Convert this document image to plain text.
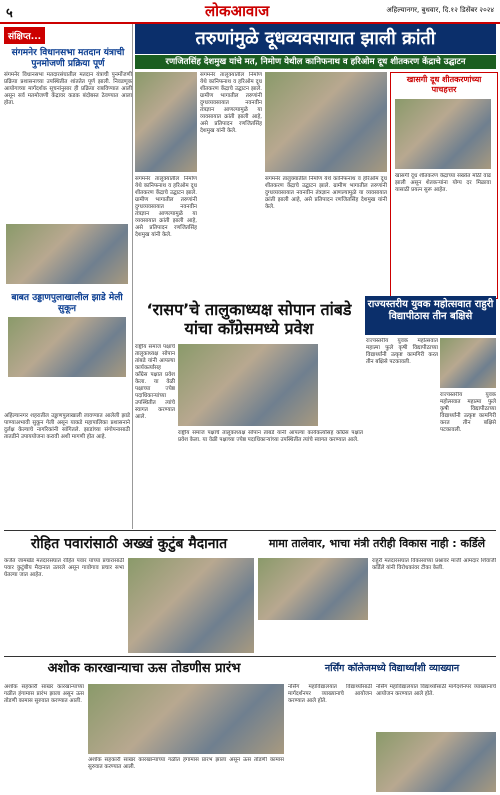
५	लोकआवाज	अहिल्यानगर, बुधवार, दि.१२ डिसेंबर २०२४
संक्षिप्त...
संगमनेर विधानसभा मतदान यंत्राची पुनमोजणी प्रक्रिया पूर्ण
संगमनेर विधानसभा मतदारसंघातील मतदान यंत्राची पुनर्मोजणी प्रक्रिया प्रशासनाच्या उपस्थितीत शांततेत पूर्ण झाली. निवडणूक आयोगाच्या मार्गदर्शक सूचनांनुसार ही प्रक्रिया राबविण्यात आली असून सर्व मतमोजणी केंद्रावर कडक बंदोबस्त ठेवण्यात आला होता.
बाबत उड्डाणपुलाखालील झाडे मेली सुकून
अहिल्यानगर शहरातील उड्डाणपुलाखाली लावण्यात आलेली झाडे पाण्याअभावी सुकून गेली असून याकडे महापालिका प्रशासनाने दुर्लक्ष केल्याचे नागरिकांनी सांगितले. झाडांच्या संगोपनासाठी तातडीने उपाययोजना करावी अशी मागणी होत आहे.
तरुणांमुळे दूधव्यवसायात झाली क्रांती
रणजितसिंह देशमुख यांचे मत, निमोण येथील कानिफनाथ व हरिओम दूध शीतकरण केंद्राचे उद्घाटन
संगमनेर तालुक्यातील निमोण येथे कानिफनाथ व हरिओम दूध शीतकरण केंद्राचे उद्घाटन झाले. ग्रामीण भागातील तरुणांनी दुग्धव्यवसायात नवनवीन तंत्रज्ञान आणल्यामुळे या व्यवसायात क्रांती झाली आहे, असे प्रतिपादन रणजितसिंह देशमुख यांनी केले.
संगमनेर तालुक्यातील निमोण येथे कानिफनाथ व हरिओम दूध शीतकरण केंद्राचे उद्घाटन झाले. ग्रामीण भागातील तरुणांनी दुग्धव्यवसायात नवनवीन तंत्रज्ञान आणल्यामुळे या व्यवसायात क्रांती झाली आहे, असे प्रतिपादन रणजितसिंह देशमुख यांनी केले.
संगमनेर तालुक्यातील निमोण येथे कानिफनाथ व हरिओम दूध शीतकरण केंद्राचे उद्घाटन झाले. ग्रामीण भागातील तरुणांनी दुग्धव्यवसायात नवनवीन तंत्रज्ञान आणल्यामुळे या व्यवसायात क्रांती झाली आहे, असे प्रतिपादन रणजितसिंह देशमुख यांनी केले.
खासगी दूध शीतकरणांच्या पाचहत्तर
खासगी दूध शीतकरण केंद्रांच्या संख्येत मोठी वाढ झाली असून शेतकऱ्यांना योग्य दर मिळावा यासाठी प्रयत्न सुरू आहेत.
‘रासप’चे तालुकाध्यक्ष सोपान तांबडे यांचा काँग्रेसमध्ये प्रवेश
राष्ट्रीय समाज पक्षाचे तालुकाध्यक्ष सोपान तांबडे यांनी आपल्या कार्यकर्त्यांसह काँग्रेस पक्षात प्रवेश केला. या वेळी पक्षाच्या ज्येष्ठ पदाधिकाऱ्यांच्या उपस्थितीत त्यांचे स्वागत करण्यात आले.
राष्ट्रीय समाज पक्षाचे तालुकाध्यक्ष सोपान तांबडे यांनी आपल्या कार्यकर्त्यांसह काँग्रेस पक्षात प्रवेश केला. या वेळी पक्षाच्या ज्येष्ठ पदाधिकाऱ्यांच्या उपस्थितीत त्यांचे स्वागत करण्यात आले.
राज्यस्तरीय युवक महोत्सवात राहुरी विद्यापीठास तीन बक्षिसे
राज्यस्तरीय युवक महोत्सवात महात्मा फुले कृषी विद्यापीठाच्या विद्यार्थ्यांनी उत्कृष्ट कामगिरी करत तीन बक्षिसे पटकावली.
राज्यस्तरीय युवक महोत्सवात महात्मा फुले कृषी विद्यापीठाच्या विद्यार्थ्यांनी उत्कृष्ट कामगिरी करत तीन बक्षिसे पटकावली.
रोहित पवारांसाठी अख्खं कुटुंब मैदानात
कर्जत जामखेड मतदारसंघात रोहित पवार यांच्या प्रचारासाठी पवार कुटुंबीय मैदानात उतरले असून गावोगाव प्रचार सभा घेतल्या जात आहेत.
मामा तालेवार, भाचा मंत्री तरीही विकास नाही : कर्डिले
राहुरी मतदारसंघात विकासाच्या प्रश्नावर माजी आमदार शिवाजी कर्डिले यांनी विरोधकांवर टीका केली.
अशोक कारखान्याचा ऊस तोडणीस प्रारंभ
अशोक सहकारी साखर कारखान्याच्या गळीत हंगामास प्रारंभ झाला असून ऊस तोडणी कामास सुरुवात करण्यात आली.
अशोक सहकारी साखर कारखान्याच्या गळीत हंगामास प्रारंभ झाला असून ऊस तोडणी कामास सुरुवात करण्यात आली.
नर्सिंग कॉलेजमध्ये विद्यार्थ्यांशी व्याख्यान
नर्सिंग महाविद्यालयात विद्यार्थ्यांसाठी मार्गदर्शनपर व्याख्यानाचे आयोजन करण्यात आले होते.
नर्सिंग महाविद्यालयात विद्यार्थ्यांसाठी मार्गदर्शनपर व्याख्यानाचे आयोजन करण्यात आले होते.
